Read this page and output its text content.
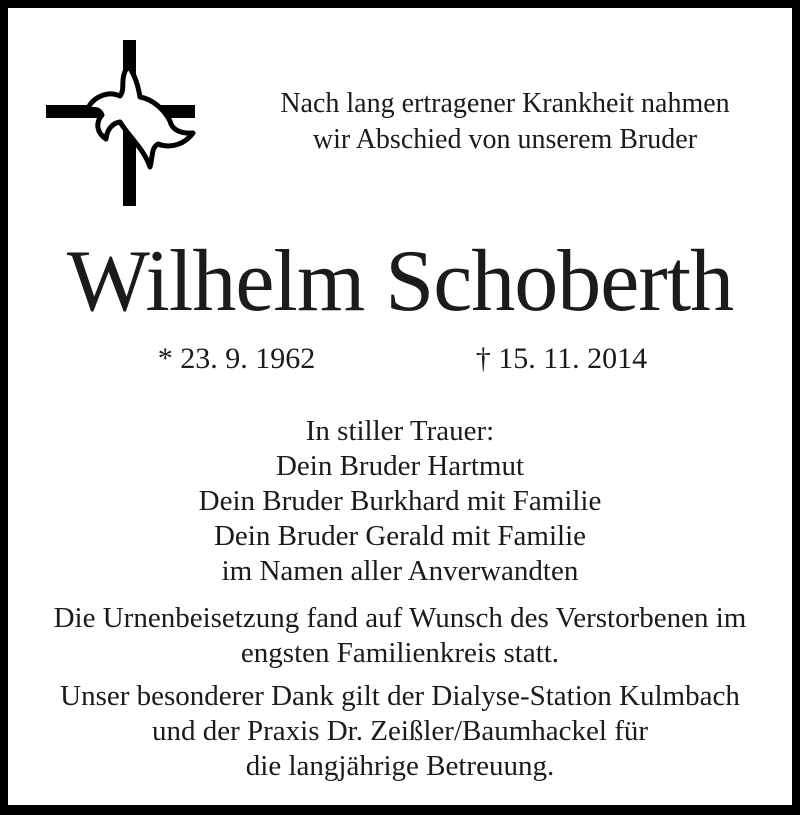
Nach lang ertragener Krankheit nahmen
wir Abschied von unserem Bruder
Wilhelm Schoberth
* 23. 9. 1962	† 15. 11. 2014
In stiller Trauer:
Dein Bruder Hartmut
Dein Bruder Burkhard mit Familie
Dein Bruder Gerald mit Familie
im Namen aller Anverwandten
Die Urnenbeisetzung fand auf Wunsch des Verstorbenen im
engsten Familienkreis statt.
Unser besonderer Dank gilt der Dialyse-Station Kulmbach
und der Praxis Dr. Zeißler/Baumhackel für
die langjährige Betreuung.
